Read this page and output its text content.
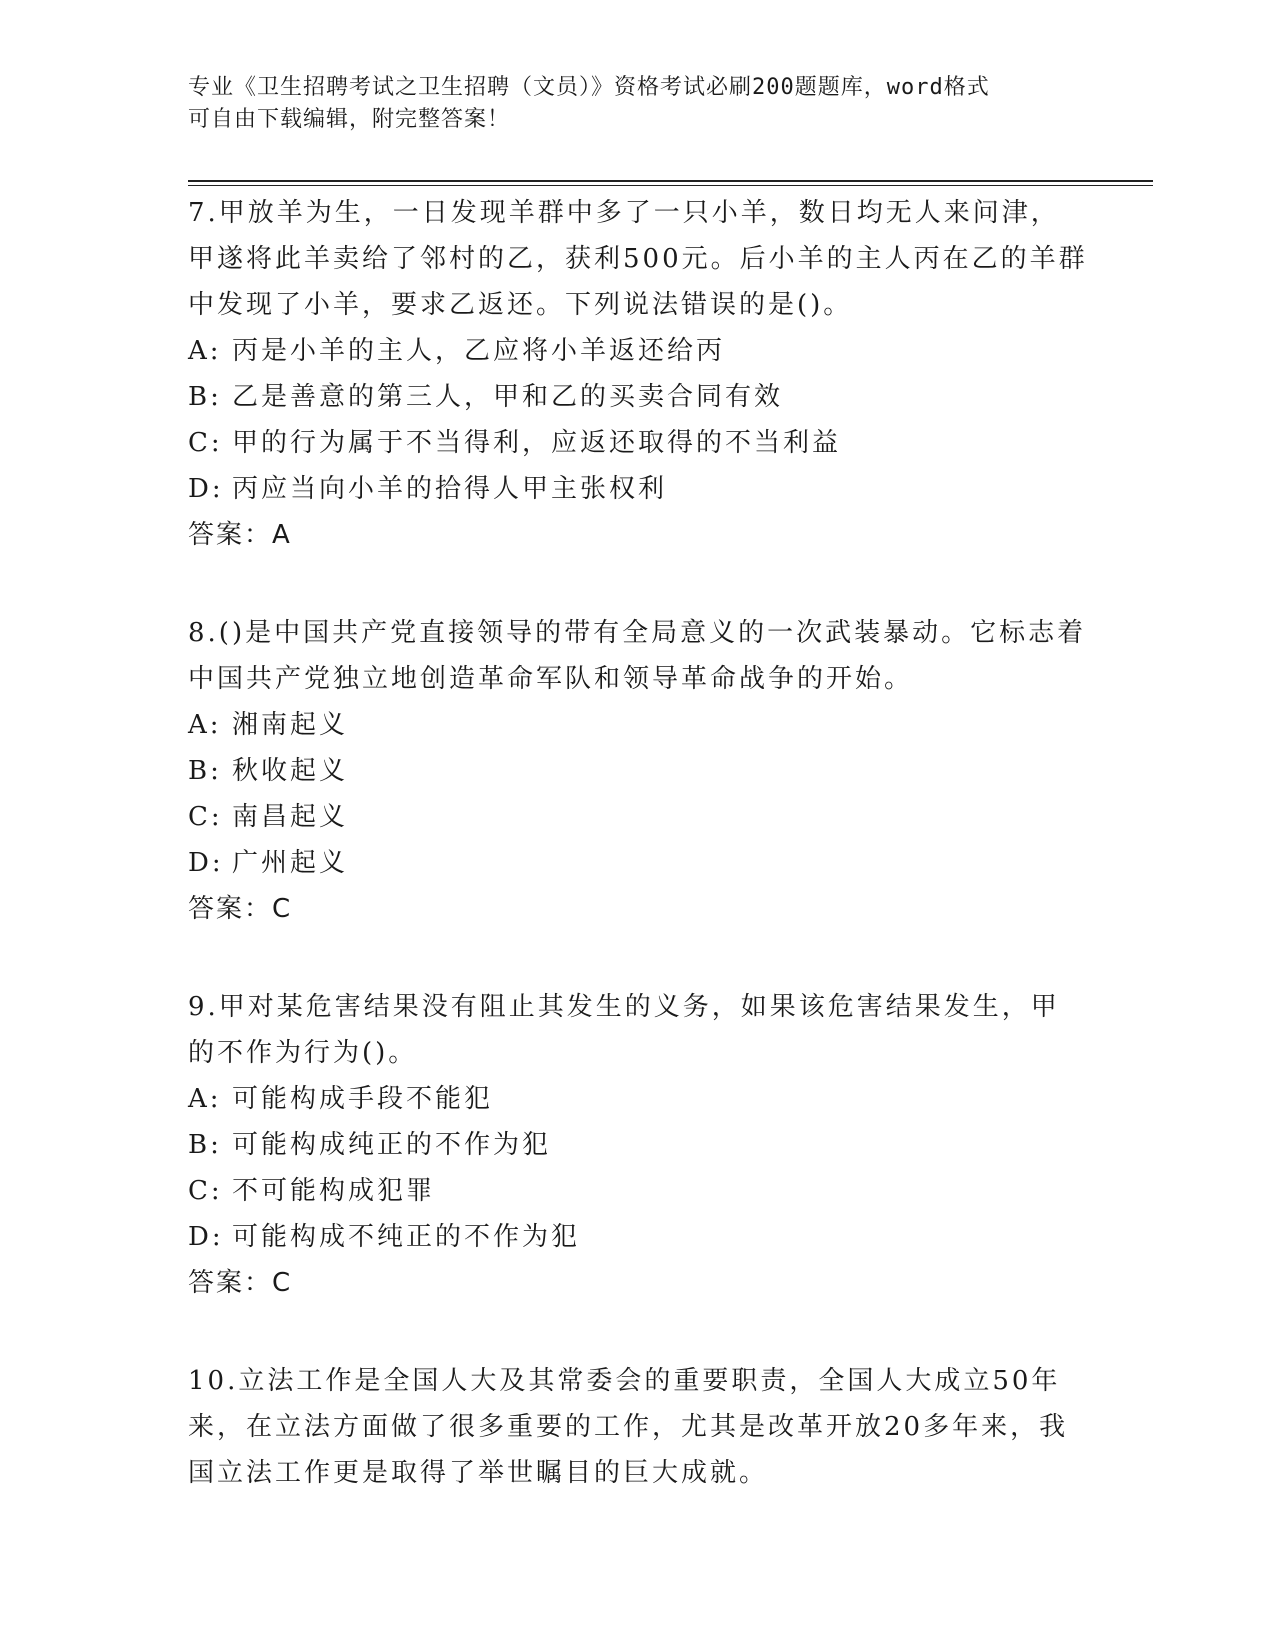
专业《卫生招聘考试之卫生招聘（文员）》资格考试必刷200题题库，word格式
可自由下载编辑，附完整答案！
7.甲放羊为生，一日发现羊群中多了一只小羊，数日均无人来问津，甲遂将此羊卖给了邻村的乙，获利500元。后小羊的主人丙在乙的羊群中发现了小羊，要求乙返还。下列说法错误的是()。
A: 丙是小羊的主人，乙应将小羊返还给丙
B: 乙是善意的第三人，甲和乙的买卖合同有效
C: 甲的行为属于不当得利，应返还取得的不当利益
D: 丙应当向小羊的拾得人甲主张权利
答案：A
8.()是中国共产党直接领导的带有全局意义的一次武装暴动。它标志着中国共产党独立地创造革命军队和领导革命战争的开始。
A: 湘南起义
B: 秋收起义
C: 南昌起义
D: 广州起义
答案：C
9.甲对某危害结果没有阻止其发生的义务，如果该危害结果发生，甲的不作为行为()。
A: 可能构成手段不能犯
B: 可能构成纯正的不作为犯
C: 不可能构成犯罪
D: 可能构成不纯正的不作为犯
答案：C
10.立法工作是全国人大及其常委会的重要职责，全国人大成立50年来，在立法方面做了很多重要的工作，尤其是改革开放20多年来，我国立法工作更是取得了举世瞩目的巨大成就。
